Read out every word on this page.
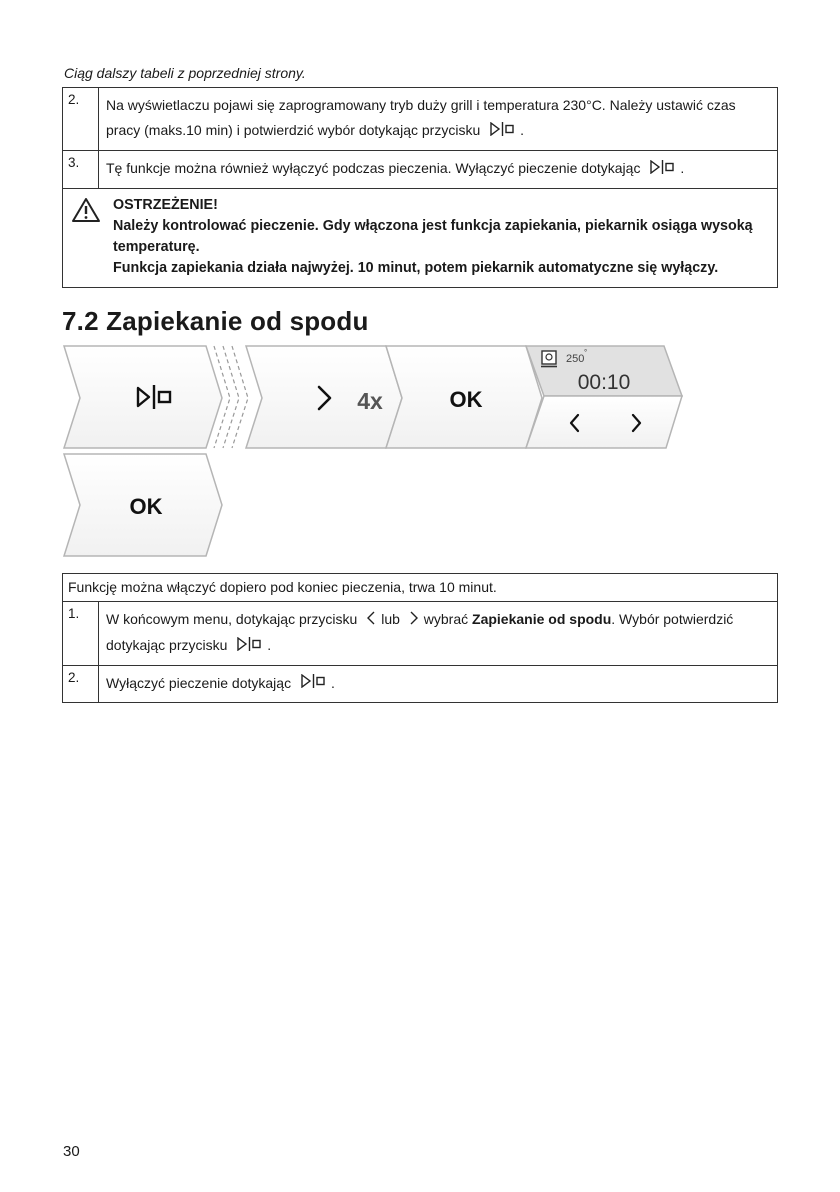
Ciąg dalszy tabeli z poprzedniej strony.
2.	Na wyświetlaczu pojawi się zaprogramowany tryb duży grill i temperatura 230°C. Należy ustawić czas pracy (maks.10 min) i potwierdzić wybór dotykając przycisku .
3.	Tę funkcje można również wyłączyć podczas pieczenia. Wyłączyć pieczenie dotykając .

OSTRZEŻENIE!
Należy kontrolować pieczenie. Gdy włączona jest funkcja zapiekania, piekarnik osiąga wysoką temperaturę.
Funkcja zapiekania działa najwyżej. 10 minut, potem piekarnik automatyczne się wyłączy.	
7.2 Zapiekanie od spodu
4x	OK
250
°
00:10
OK
Funkcję można włączyć dopiero pod koniec pieczenia, trwa 10 minut.	
1.	W końcowym menu, dotykając przycisku lub wybrać Zapiekanie od spodu. Wybór potwierdzić dotykając przycisku .
2.	Wyłączyć pieczenie dotykając .
30
